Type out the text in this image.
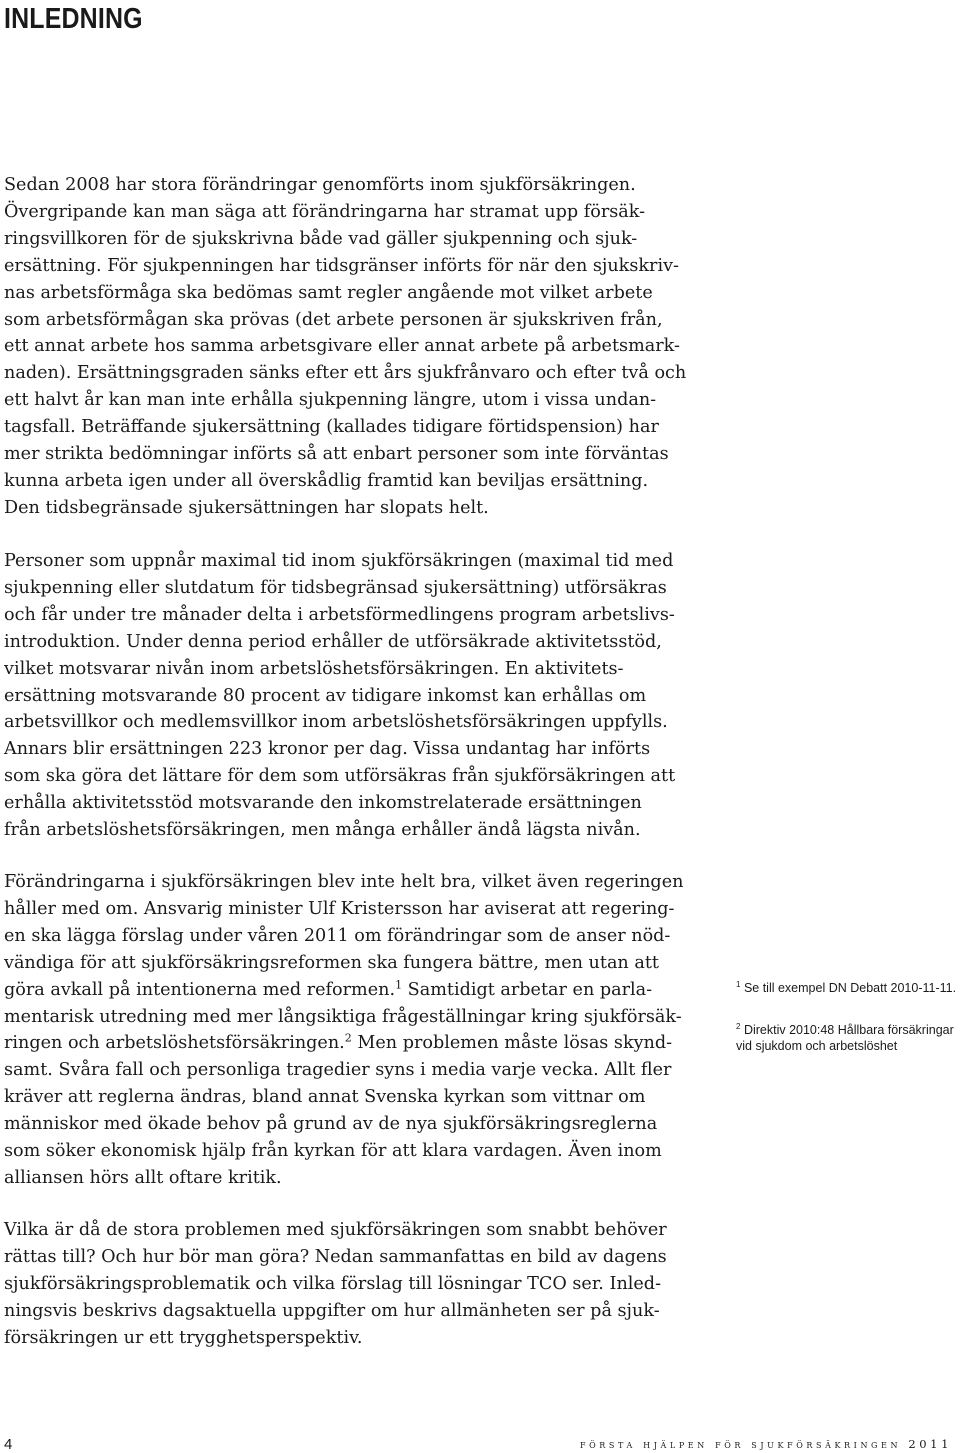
INLEDNING
Sedan 2008 har stora förändringar genomförts inom sjukförsäkringen.
Övergripande kan man säga att förändringarna har stramat upp försäk-
ringsvillkoren för de sjukskrivna både vad gäller sjukpenning och sjuk-
ersättning. För sjukpenningen har tidsgränser införts för när den sjukskriv-
nas arbetsförmåga ska bedömas samt regler angående mot vilket arbete
som arbetsförmågan ska prövas (det arbete personen är sjukskriven från,
ett annat arbete hos samma arbetsgivare eller annat arbete på arbetsmark-
naden). Ersättningsgraden sänks efter ett års sjukfrånvaro och efter två och
ett halvt år kan man inte erhålla sjukpenning längre, utom i vissa undan-
tagsfall. Beträffande sjukersättning (kallades tidigare förtidspension) har
mer strikta bedömningar införts så att enbart personer som inte förväntas
kunna arbeta igen under all överskådlig framtid kan beviljas ersättning.
Den tidsbegränsade sjukersättningen har slopats helt.
Personer som uppnår maximal tid inom sjukförsäkringen (maximal tid med
sjukpenning eller slutdatum för tidsbegränsad sjukersättning) utförsäkras
och får under tre månader delta i arbetsförmedlingens program arbetslivs-
introduktion. Under denna period erhåller de utförsäkrade aktivitetsstöd,
vilket motsvarar nivån inom arbetslöshetsförsäkringen. En aktivitets-
ersättning motsvarande 80 procent av tidigare inkomst kan erhållas om
arbetsvillkor och medlemsvillkor inom arbetslöshetsförsäkringen uppfylls.
Annars blir ersättningen 223 kronor per dag. Vissa undantag har införts
som ska göra det lättare för dem som utförsäkras från sjukförsäkringen att
erhålla aktivitetsstöd motsvarande den inkomstrelaterade ersättningen
från arbetslöshetsförsäkringen, men många erhåller ändå lägsta nivån.
Förändringarna i sjukförsäkringen blev inte helt bra, vilket även regeringen
håller med om. Ansvarig minister Ulf Kristersson har aviserat att regering-
en ska lägga förslag under våren 2011 om förändringar som de anser nöd-
vändiga för att sjukförsäkringsreformen ska fungera bättre, men utan att
göra avkall på intentionerna med reformen.$^1$ Samtidigt arbetar en parla-
mentarisk utredning med mer långsiktiga frågeställningar kring sjukförsäk-
ringen och arbetslöshetsförsäkringen.$^2$ Men problemen måste lösas skynd-
samt. Svåra fall och personliga tragedier syns i media varje vecka. Allt fler
kräver att reglerna ändras, bland annat Svenska kyrkan som vittnar om
människor med ökade behov på grund av de nya sjukförsäkringsreglerna
som söker ekonomisk hjälp från kyrkan för att klara vardagen. Även inom
alliansen hörs allt oftare kritik.
Vilka är då de stora problemen med sjukförsäkringen som snabbt behöver
rättas till? Och hur bör man göra? Nedan sammanfattas en bild av dagens
sjukförsäkringsproblematik och vilka förslag till lösningar TCO ser. Inled-
ningsvis beskrivs dagsaktuella uppgifter om hur allmänheten ser på sjuk-
försäkringen ur ett trygghetsperspektiv.

$^1$ Se till exempel DN Debatt 2010-11-11.

$^2$ Direktiv 2010:48 Hållbara försäkringar vid sjukdom och arbetslöshet

4	första hjälpen för sjukförsäkringen 2011
